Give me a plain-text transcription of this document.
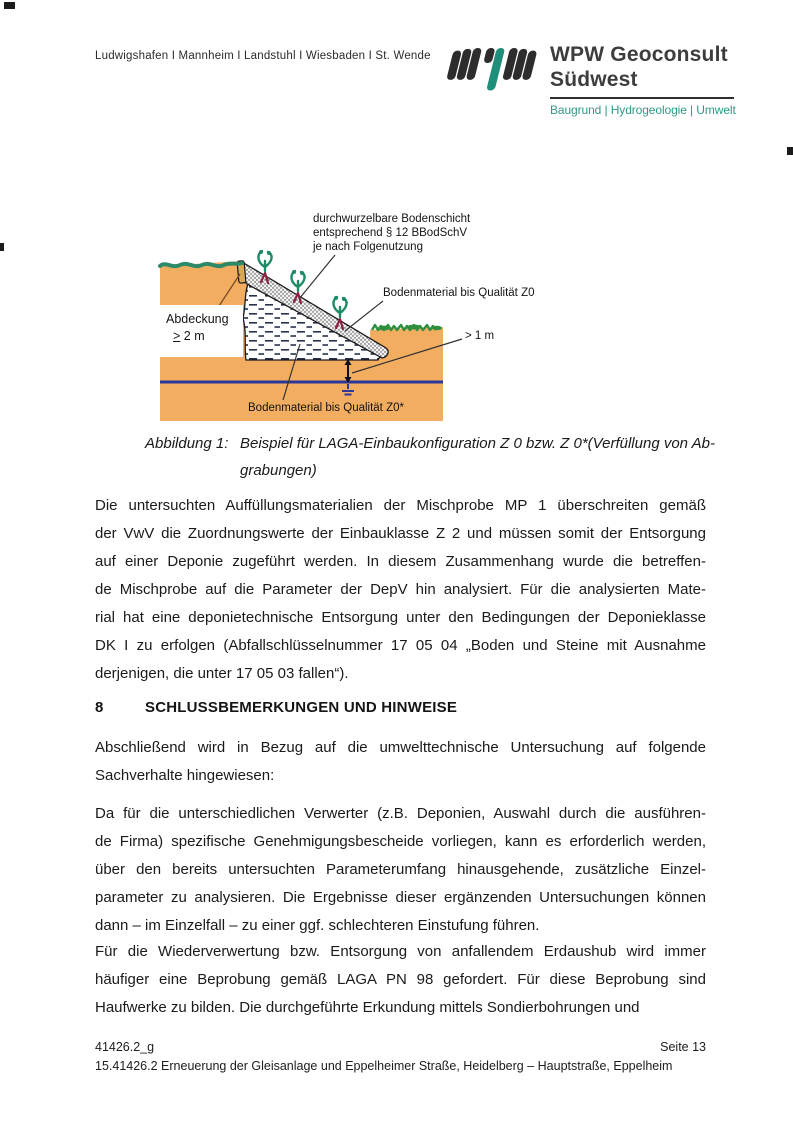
Ludwigshafen I Mannheim I Landstuhl I Wiesbaden I St. Wende	WPW Geoconsult
Südwest
Baugrund | Hydrogeologie | Umwelt
durchwurzelbare Bodenschicht
entsprechend § 12 BBodSchV
je nach Folgenutzung
Bodenmaterial bis Qualität Z0
Abdeckung
> 2 m	> 1 m
Bodenmaterial bis Qualität Z0*
Abbildung 1: Beispiel für LAGA-Einbaukonfiguration Z 0 bzw. Z 0*(Verfüllung von Ab-
grabungen)
Die untersuchten Auffüllungsmaterialien der Mischprobe MP 1 überschreiten gemäß
der VwV die Zuordnungswerte der Einbauklasse Z 2 und müssen somit der Entsorgung
auf einer Deponie zugeführt werden. In diesem Zusammenhang wurde die betreffen-
de Mischprobe auf die Parameter der DepV hin analysiert. Für die analysierten Mate-
rial hat eine deponietechnische Entsorgung unter den Bedingungen der Deponieklasse
DK I zu erfolgen (Abfallschlüsselnummer 17 05 04 „Boden und Steine mit Ausnahme
derjenigen, die unter 17 05 03 fallen“).
8	SCHLUSSBEMERKUNGEN UND HINWEISE
Abschließend wird in Bezug auf die umwelttechnische Untersuchung auf folgende
Sachverhalte hingewiesen:
Da für die unterschiedlichen Verwerter (z.B. Deponien, Auswahl durch die ausführen-
de Firma) spezifische Genehmigungsbescheide vorliegen, kann es erforderlich werden,
über den bereits untersuchten Parameterumfang hinausgehende, zusätzliche Einzel-
parameter zu analysieren. Die Ergebnisse dieser ergänzenden Untersuchungen können
dann – im Einzelfall – zu einer ggf. schlechteren Einstufung führen.
Für die Wiederverwertung bzw. Entsorgung von anfallendem Erdaushub wird immer
häufiger eine Beprobung gemäß LAGA PN 98 gefordert. Für diese Beprobung sind
Haufwerke zu bilden. Die durchgeführte Erkundung mittels Sondierbohrungen und
41426.2_g	Seite 13
15.41426.2 Erneuerung der Gleisanlage und Eppelheimer Straße, Heidelberg – Hauptstraße, Eppelheim
